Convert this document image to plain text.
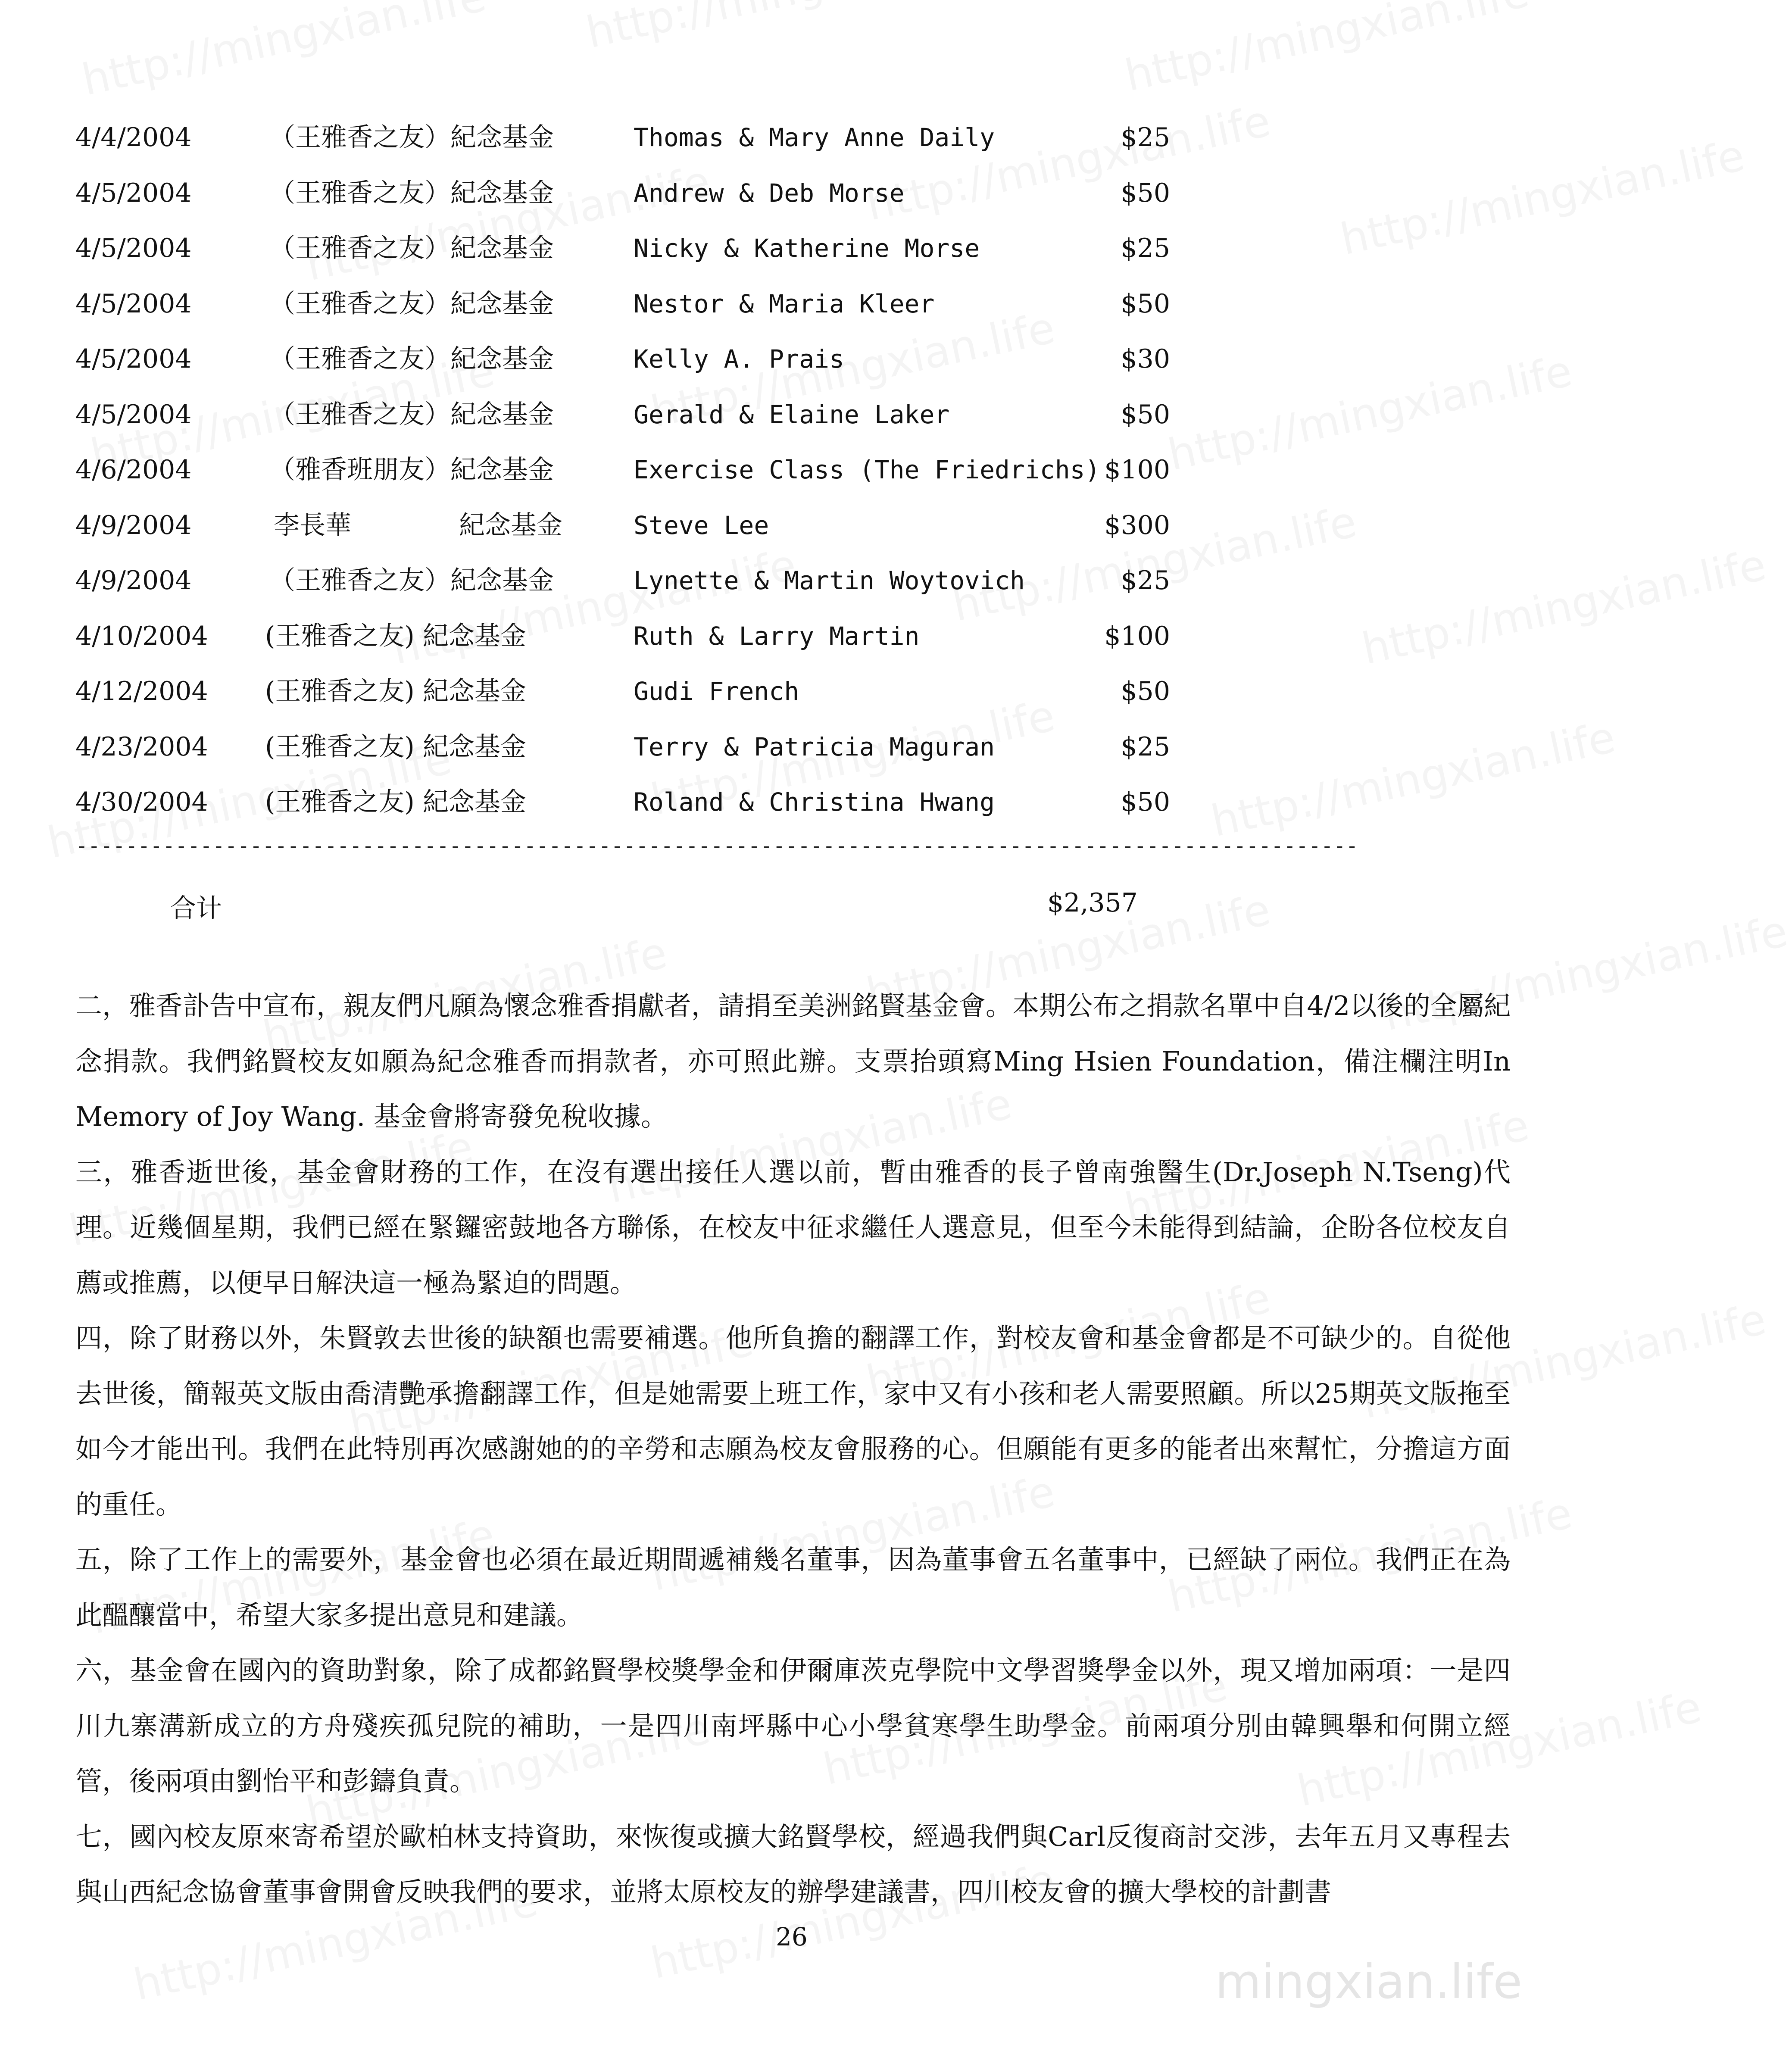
mingxian.life
4/4/2004	（王雅香之友）紀念基金	Thomas & Mary Anne Daily	$25
4/5/2004	（王雅香之友）紀念基金	Andrew & Deb Morse	$50
4/5/2004	（王雅香之友）紀念基金	Nicky & Katherine Morse	$25
4/5/2004	（王雅香之友）紀念基金	Nestor & Maria Kleer	$50
4/5/2004	（王雅香之友）紀念基金	Kelly A. Prais	$30
4/5/2004	（王雅香之友）紀念基金	Gerald & Elaine Laker	$50
4/6/2004	（雅香班朋友）紀念基金	Exercise Class (The Friedrichs) $100
4/9/2004	李長華	紀念基金	Steve Lee	$300
4/9/2004	（王雅香之友）紀念基金	Lynette & Martin Woytovich	$25
4/10/2004 (王雅香之友) 紀念基金	Ruth & Larry Martin	$100
4/12/2004 (王雅香之友) 紀念基金	Gudi French	$50
4/23/2004 (王雅香之友) 紀念基金	Terry & Patricia Maguran	$25
4/30/2004 (王雅香之友) 紀念基金	Roland & Christina Hwang	$50
-------------------------------------------------------------------------------------------------------
合计	$2,357

二，雅香訃告中宣布，親友們凡願為懷念雅香捐獻者，請捐至美洲銘賢基金會。本期公布之捐款名單中自4/2以後的全屬紀念捐款。我們銘賢校友如願為紀念雅香而捐款者，亦可照此辦。支票抬頭寫Ming Hsien Foundation，備注欄注明In Memory of Joy Wang. 基金會將寄發免稅收據。

三，雅香逝世後，基金會財務的工作，在沒有選出接任人選以前，暫由雅香的長子曾南強醫生(Dr.Joseph N.Tseng)代理。近幾個星期，我們已經在緊鑼密鼓地各方聯係，在校友中征求繼任人選意見，但至今未能得到結論，企盼各位校友自薦或推薦，以便早日解決這一極為緊迫的問題。

四，除了財務以外，朱賢敦去世後的缺額也需要補選。他所負擔的翻譯工作，對校友會和基金會都是不可缺少的。自從他去世後，簡報英文版由喬清艷承擔翻譯工作，但是她需要上班工作，家中又有小孩和老人需要照顧。所以25期英文版拖至如今才能出刊。我們在此特別再次感謝她的的辛勞和志願為校友會服務的心。但願能有更多的能者出來幫忙，分擔這方面的重任。

五，除了工作上的需要外，基金會也必須在最近期間遞補幾名董事，因為董事會五名董事中，已經缺了兩位。我們正在為此醞釀當中，希望大家多提出意見和建議。

六，基金會在國內的資助對象，除了成都銘賢學校獎學金和伊爾庫茨克學院中文學習獎學金以外，現又增加兩項：一是四川九寨溝新成立的方舟殘疾孤兒院的補助，一是四川南坪縣中心小學貧寒學生助學金。前兩項分別由韓興舉和何開立經管，後兩項由劉怡平和彭鑄負責。

七，國內校友原來寄希望於歐柏林支持資助，來恢復或擴大銘賢學校，經過我們與Carl反復商討交涉，去年五月又專程去與山西紀念協會董事會開會反映我們的要求，並將太原校友的辦學建議書，四川校友會的擴大學校的計劃書

26
